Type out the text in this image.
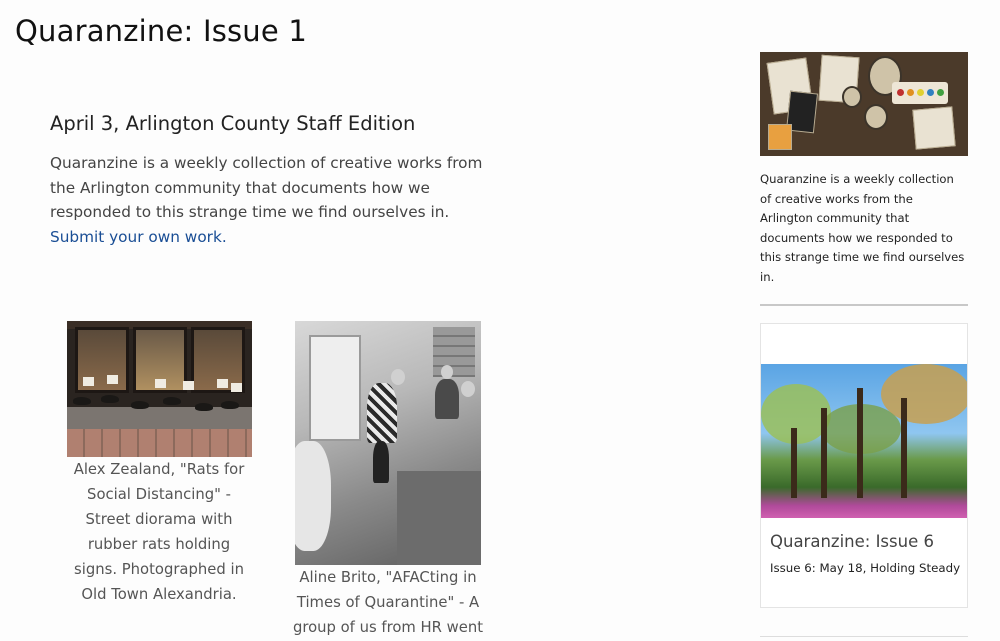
Quaranzine: Issue 1
April 3, Arlington County Staff Edition

Quaranzine is a weekly collection of creative works from the Arlington community that documents how we responded to this strange time we find ourselves in. Submit your own work.

Alex Zealand, "Rats for Social Distancing" - Street diorama with rubber rats holding signs. Photographed in Old Town Alexandria.

Aline Brito, "AFACting in Times of Quarantine" - A group of us from HR went

Quaranzine is a weekly collection of creative works from the Arlington community that documents how we responded to this strange time we find ourselves in.

Quaranzine: Issue 6

Issue 6: May 18, Holding Steady
